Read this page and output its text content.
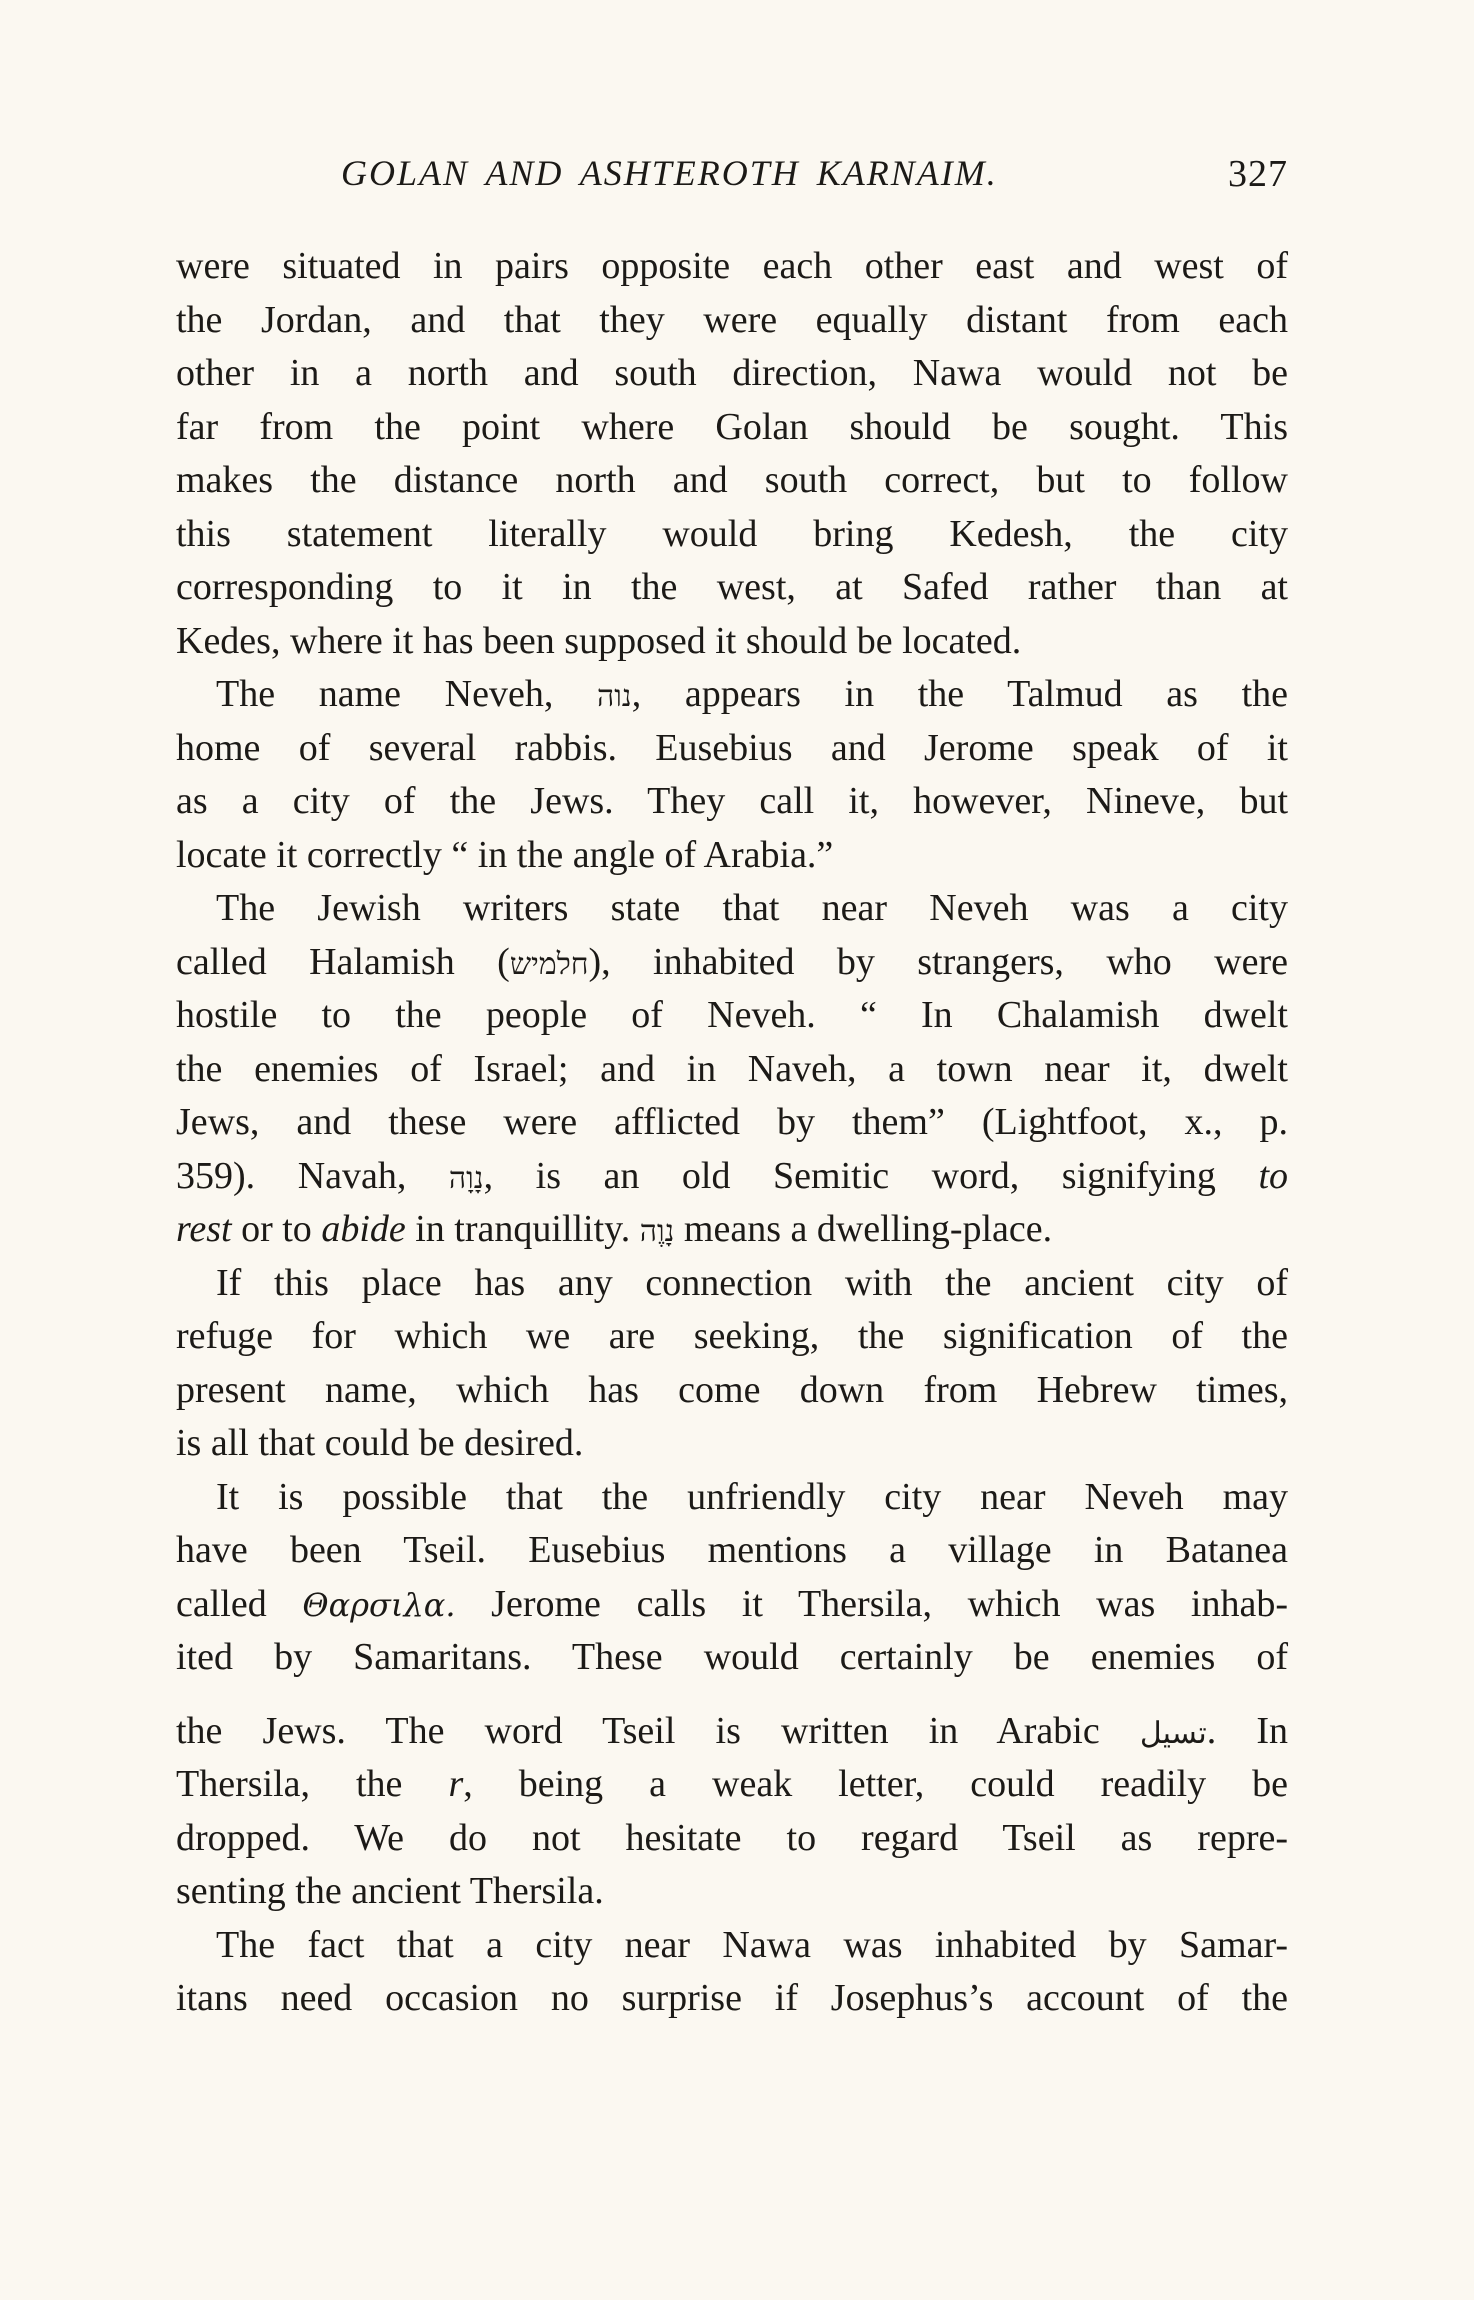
GOLAN AND ASHTEROTH KARNAIM.	327
were situated in pairs opposite each other east and west of
the Jordan, and that they were equally distant from each
other in a north and south direction, Nawa would not be
far from the point where Golan should be sought. This
makes the distance north and south correct, but to follow
this statement literally would bring Kedesh, the city
corresponding to it in the west, at Safed rather than at
Kedes, where it has been supposed it should be located.
The name Neveh, נוה, appears in the Talmud as the
home of several rabbis. Eusebius and Jerome speak of it
as a city of the Jews. They call it, however, Nineve, but
locate it correctly “ in the angle of Arabia.”
The Jewish writers state that near Neveh was a city
called Halamish (חלמיש), inhabited by strangers, who were
hostile to the people of Neveh. “ In Chalamish dwelt
the enemies of Israel; and in Naveh, a town near it, dwelt
Jews, and these were afflicted by them” (Lightfoot, x., p.
359). Navah, נָוָה, is an old Semitic word, signifying to
rest or to abide in tranquillity. נָוֶה means a dwelling-place.
If this place has any connection with the ancient city of
refuge for which we are seeking, the signification of the
present name, which has come down from Hebrew times,
is all that could be desired.
It is possible that the unfriendly city near Neveh may
have been Tseil. Eusebius mentions a village in Batanea
called Θαρσιλα. Jerome calls it Thersila, which was inhab-
ited by Samaritans. These would certainly be enemies of
the Jews. The word Tseil is written in Arabic تسيل. In
Thersila, the r, being a weak letter, could readily be
dropped. We do not hesitate to regard Tseil as repre-
senting the ancient Thersila.
The fact that a city near Nawa was inhabited by Samar-
itans need occasion no surprise if Josephus’s account of the
